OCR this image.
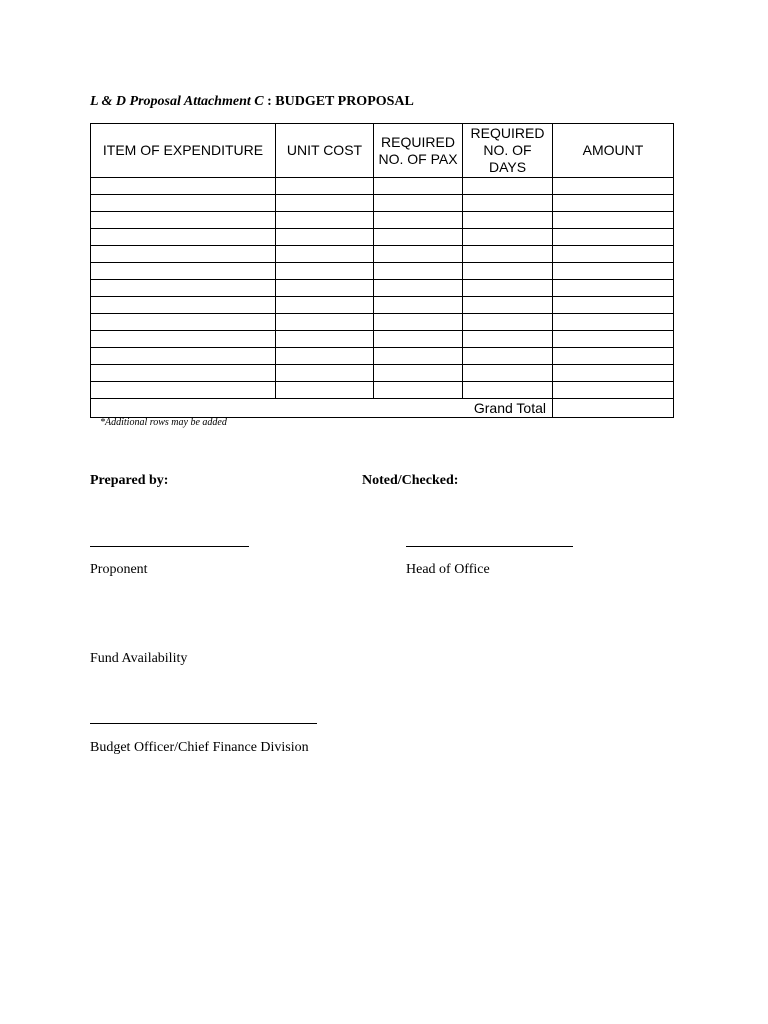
L & D Proposal Attachment C : BUDGET PROPOSAL
ITEM OF EXPENDITURE	UNIT COST	REQUIRED NO. OF PAX	REQUIRED NO. OF DAYS	AMOUNT

Grand Total				
*Additional rows may be added
Prepared by:	Noted/Checked:
Proponent	Head of Office
Fund Availability
Budget Officer/Chief Finance Division
